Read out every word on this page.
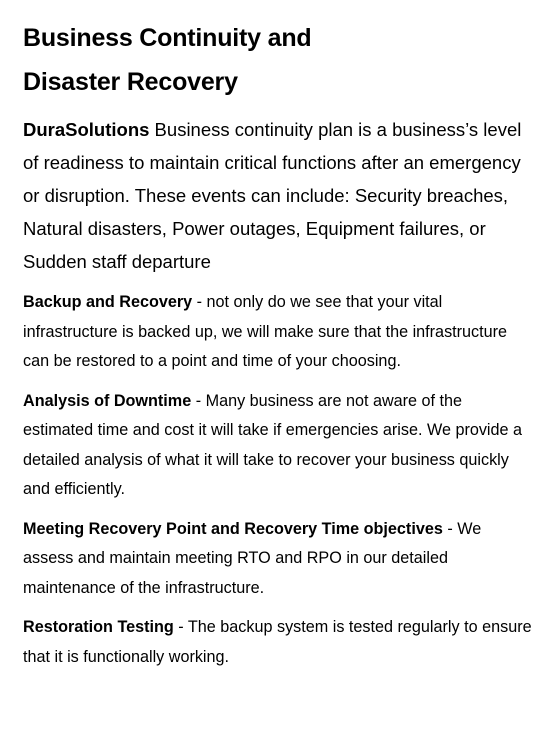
Business Continuity and
Disaster Recovery

DuraSolutions Business continuity plan is a business’s level of readiness to maintain critical functions after an emergency or disruption. These events can include: Security breaches, Natural disasters, Power outages, Equipment failures, or Sudden staff departure

Backup and Recovery - not only do we see that your vital infrastructure is backed up, we will make sure that the infrastructure can be restored to a point and time of your choosing.

Analysis of Downtime - Many business are not aware of the estimated time and cost it will take if emergencies arise. We provide a detailed analysis of what it will take to recover your business quickly and efficiently.

Meeting Recovery Point and Recovery Time objectives - We assess and maintain meeting RTO and RPO in our detailed maintenance of the infrastructure.

Restoration Testing - The backup system is tested regularly to ensure that it is functionally working.
